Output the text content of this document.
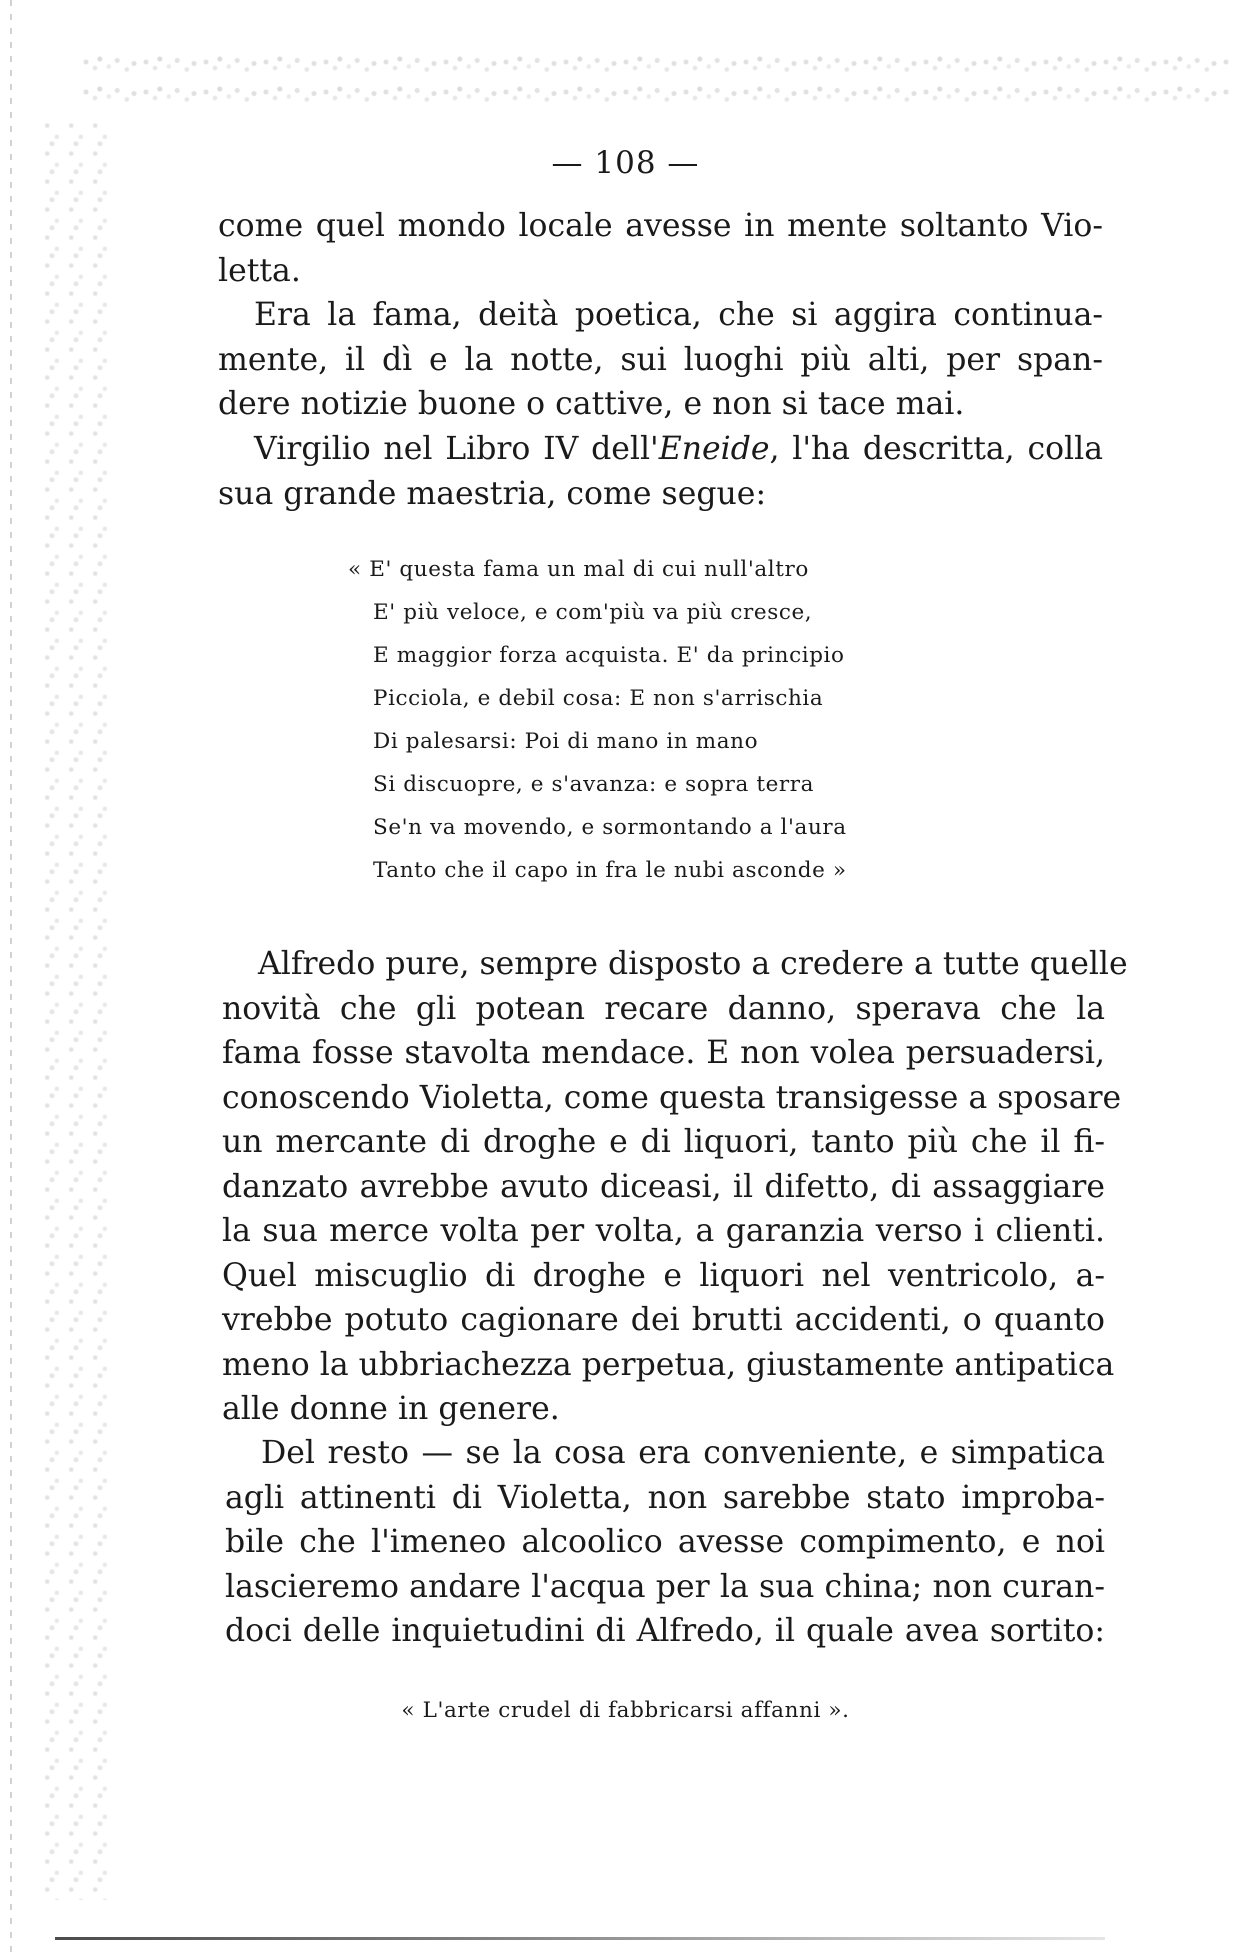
— 108 —
come quel mondo locale avesse in mente soltanto Vio-
letta.
Era la fama, deità poetica, che si aggira continua-
mente, il dì e la notte, sui luoghi più alti, per span-
dere notizie buone o cattive, e non si tace mai.
Virgilio nel Libro IV dell'Eneide, l'ha descritta, colla
sua grande maestria, come segue:
« E' questa fama un mal di cui null'altro
E' più veloce, e com'più va più cresce,
E maggior forza acquista. E' da principio
Picciola, e debil cosa: E non s'arrischia
Di palesarsi: Poi di mano in mano
Si discuopre, e s'avanza: e sopra terra
Se'n va movendo, e sormontando a l'aura
Tanto che il capo in fra le nubi asconde »
Alfredo pure, sempre disposto a credere a tutte quelle
novità che gli potean recare danno, sperava che la
fama fosse stavolta mendace. E non volea persuadersi,
conoscendo Violetta, come questa transigesse a sposare
un mercante di droghe e di liquori, tanto più che il fi-
danzato avrebbe avuto diceasi, il difetto, di assaggiare
la sua merce volta per volta, a garanzia verso i clienti.
Quel miscuglio di droghe e liquori nel ventricolo, a-
vrebbe potuto cagionare dei brutti accidenti, o quanto
meno la ubbriachezza perpetua, giustamente antipatica
alle donne in genere.
Del resto — se la cosa era conveniente, e simpatica
agli attinenti di Violetta, non sarebbe stato improba-
bile che l'imeneo alcoolico avesse compimento, e noi
lascieremo andare l'acqua per la sua china; non curan-
doci delle inquietudini di Alfredo, il quale avea sortito:
« L'arte crudel di fabbricarsi affanni ».
